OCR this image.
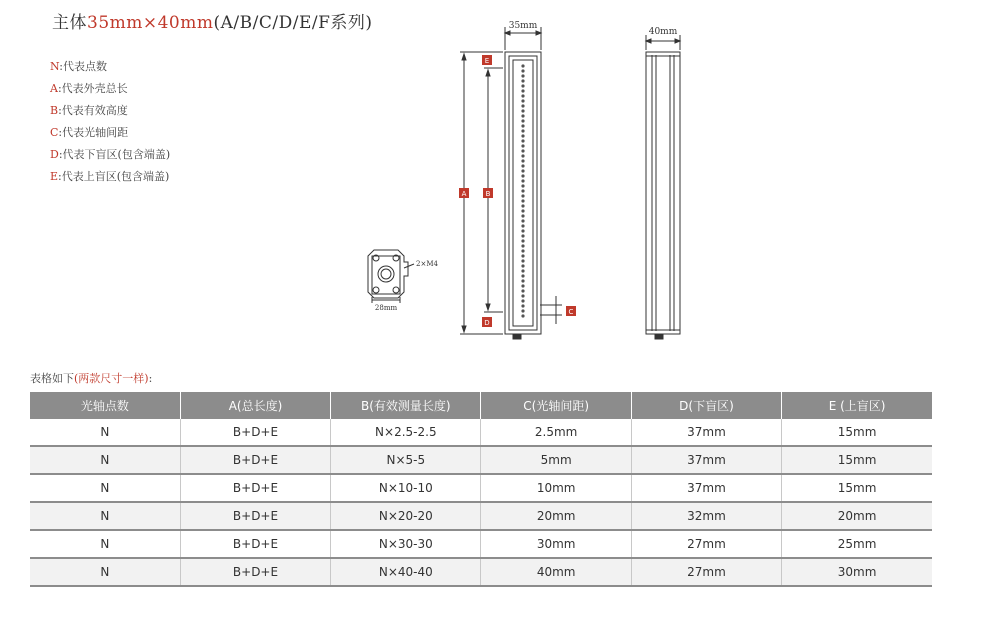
主体35mm×40mm(A/B/C/D/E/F系列)
N:代表点数
A:代表外壳总长
B:代表有效高度
C:代表光轴间距
D:代表下盲区(包含端盖)
E:代表上盲区(包含端盖)
E
A	B
D
C
35mm
40mm
2×M4
28mm
表格如下(两款尺寸一样):
光轴点数	A(总长度)	B(有效测量长度)	C(光轴间距)	D(下盲区)	E (上盲区)
N	B+D+E	N×2.5-2.5	2.5mm	37mm	15mm
N	B+D+E	N×5-5	5mm	37mm	15mm
N	B+D+E	N×10-10	10mm	37mm	15mm
N	B+D+E	N×20-20	20mm	32mm	20mm
N	B+D+E	N×30-30	30mm	27mm	25mm
N	B+D+E	N×40-40	40mm	27mm	30mm
